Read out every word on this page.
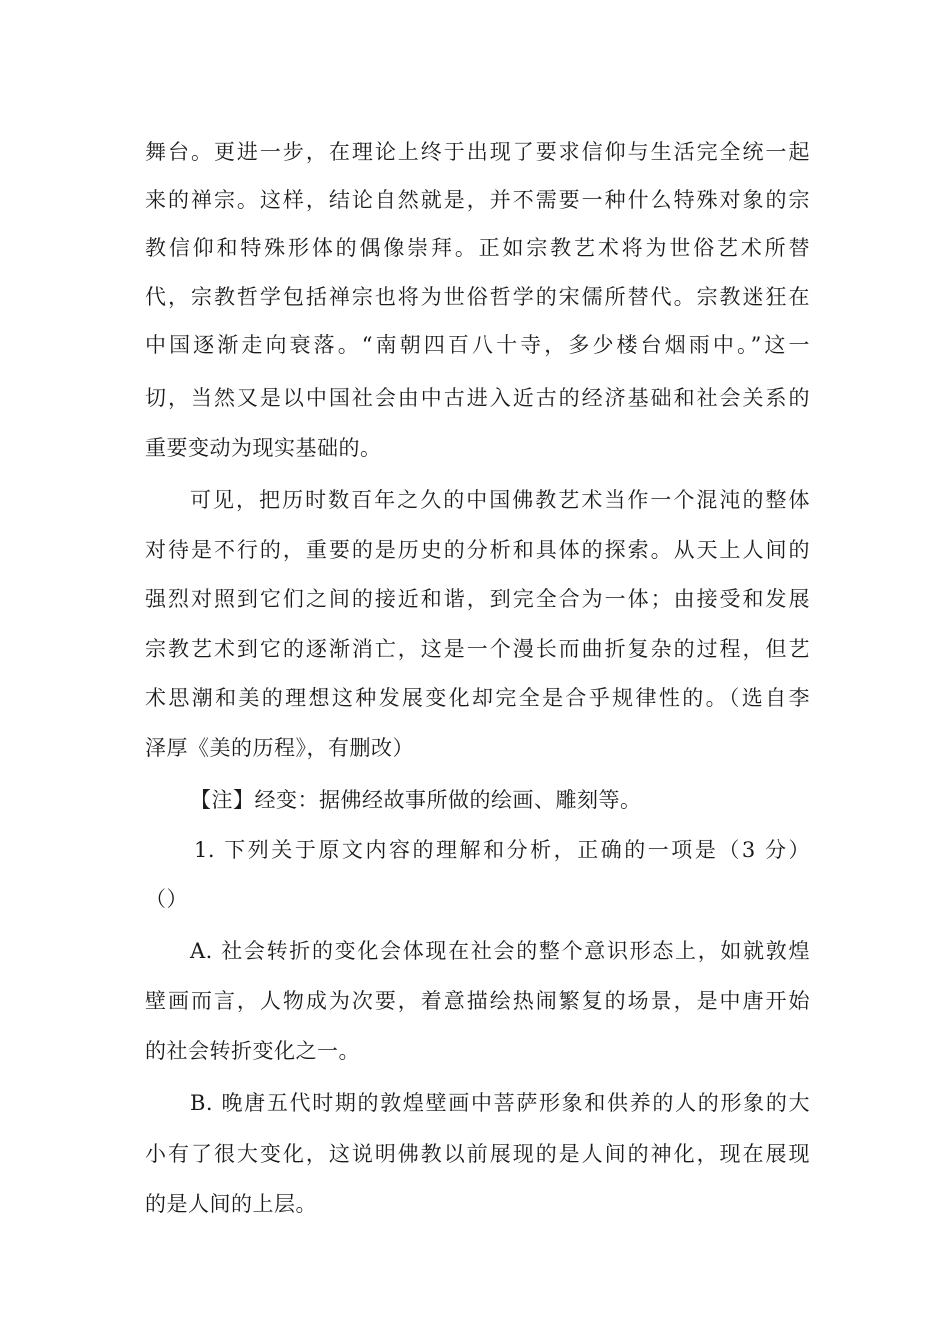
舞台。更进一步，在理论上终于出现了要求信仰与生活完全统一起
来的禅宗。这样，结论自然就是，并不需要一种什么特殊对象的宗
教信仰和特殊形体的偶像崇拜。正如宗教艺术将为世俗艺术所替
代，宗教哲学包括禅宗也将为世俗哲学的宋儒所替代。宗教迷狂在
中国逐渐走向衰落。“南朝四百八十寺，多少楼台烟雨中。”这一
切，当然又是以中国社会由中古进入近古的经济基础和社会关系的
重要变动为现实基础的。
可见，把历时数百年之久的中国佛教艺术当作一个混沌的整体
对待是不行的，重要的是历史的分析和具体的探索。从天上人间的
强烈对照到它们之间的接近和谐，到完全合为一体；由接受和发展
宗教艺术到它的逐渐消亡，这是一个漫长而曲折复杂的过程，但艺
术思潮和美的理想这种发展变化却完全是合乎规律性的。（选自李
泽厚《美的历程》，有删改）
【注】经变：据佛经故事所做的绘画、雕刻等。
1. 下列关于原文内容的理解和分析，正确的一项是（3 分）
（）
A. 社会转折的变化会体现在社会的整个意识形态上，如就敦煌
壁画而言，人物成为次要，着意描绘热闹繁复的场景，是中唐开始
的社会转折变化之一。
B. 晚唐五代时期的敦煌壁画中菩萨形象和供养的人的形象的大
小有了很大变化，这说明佛教以前展现的是人间的神化，现在展现
的是人间的上层。
